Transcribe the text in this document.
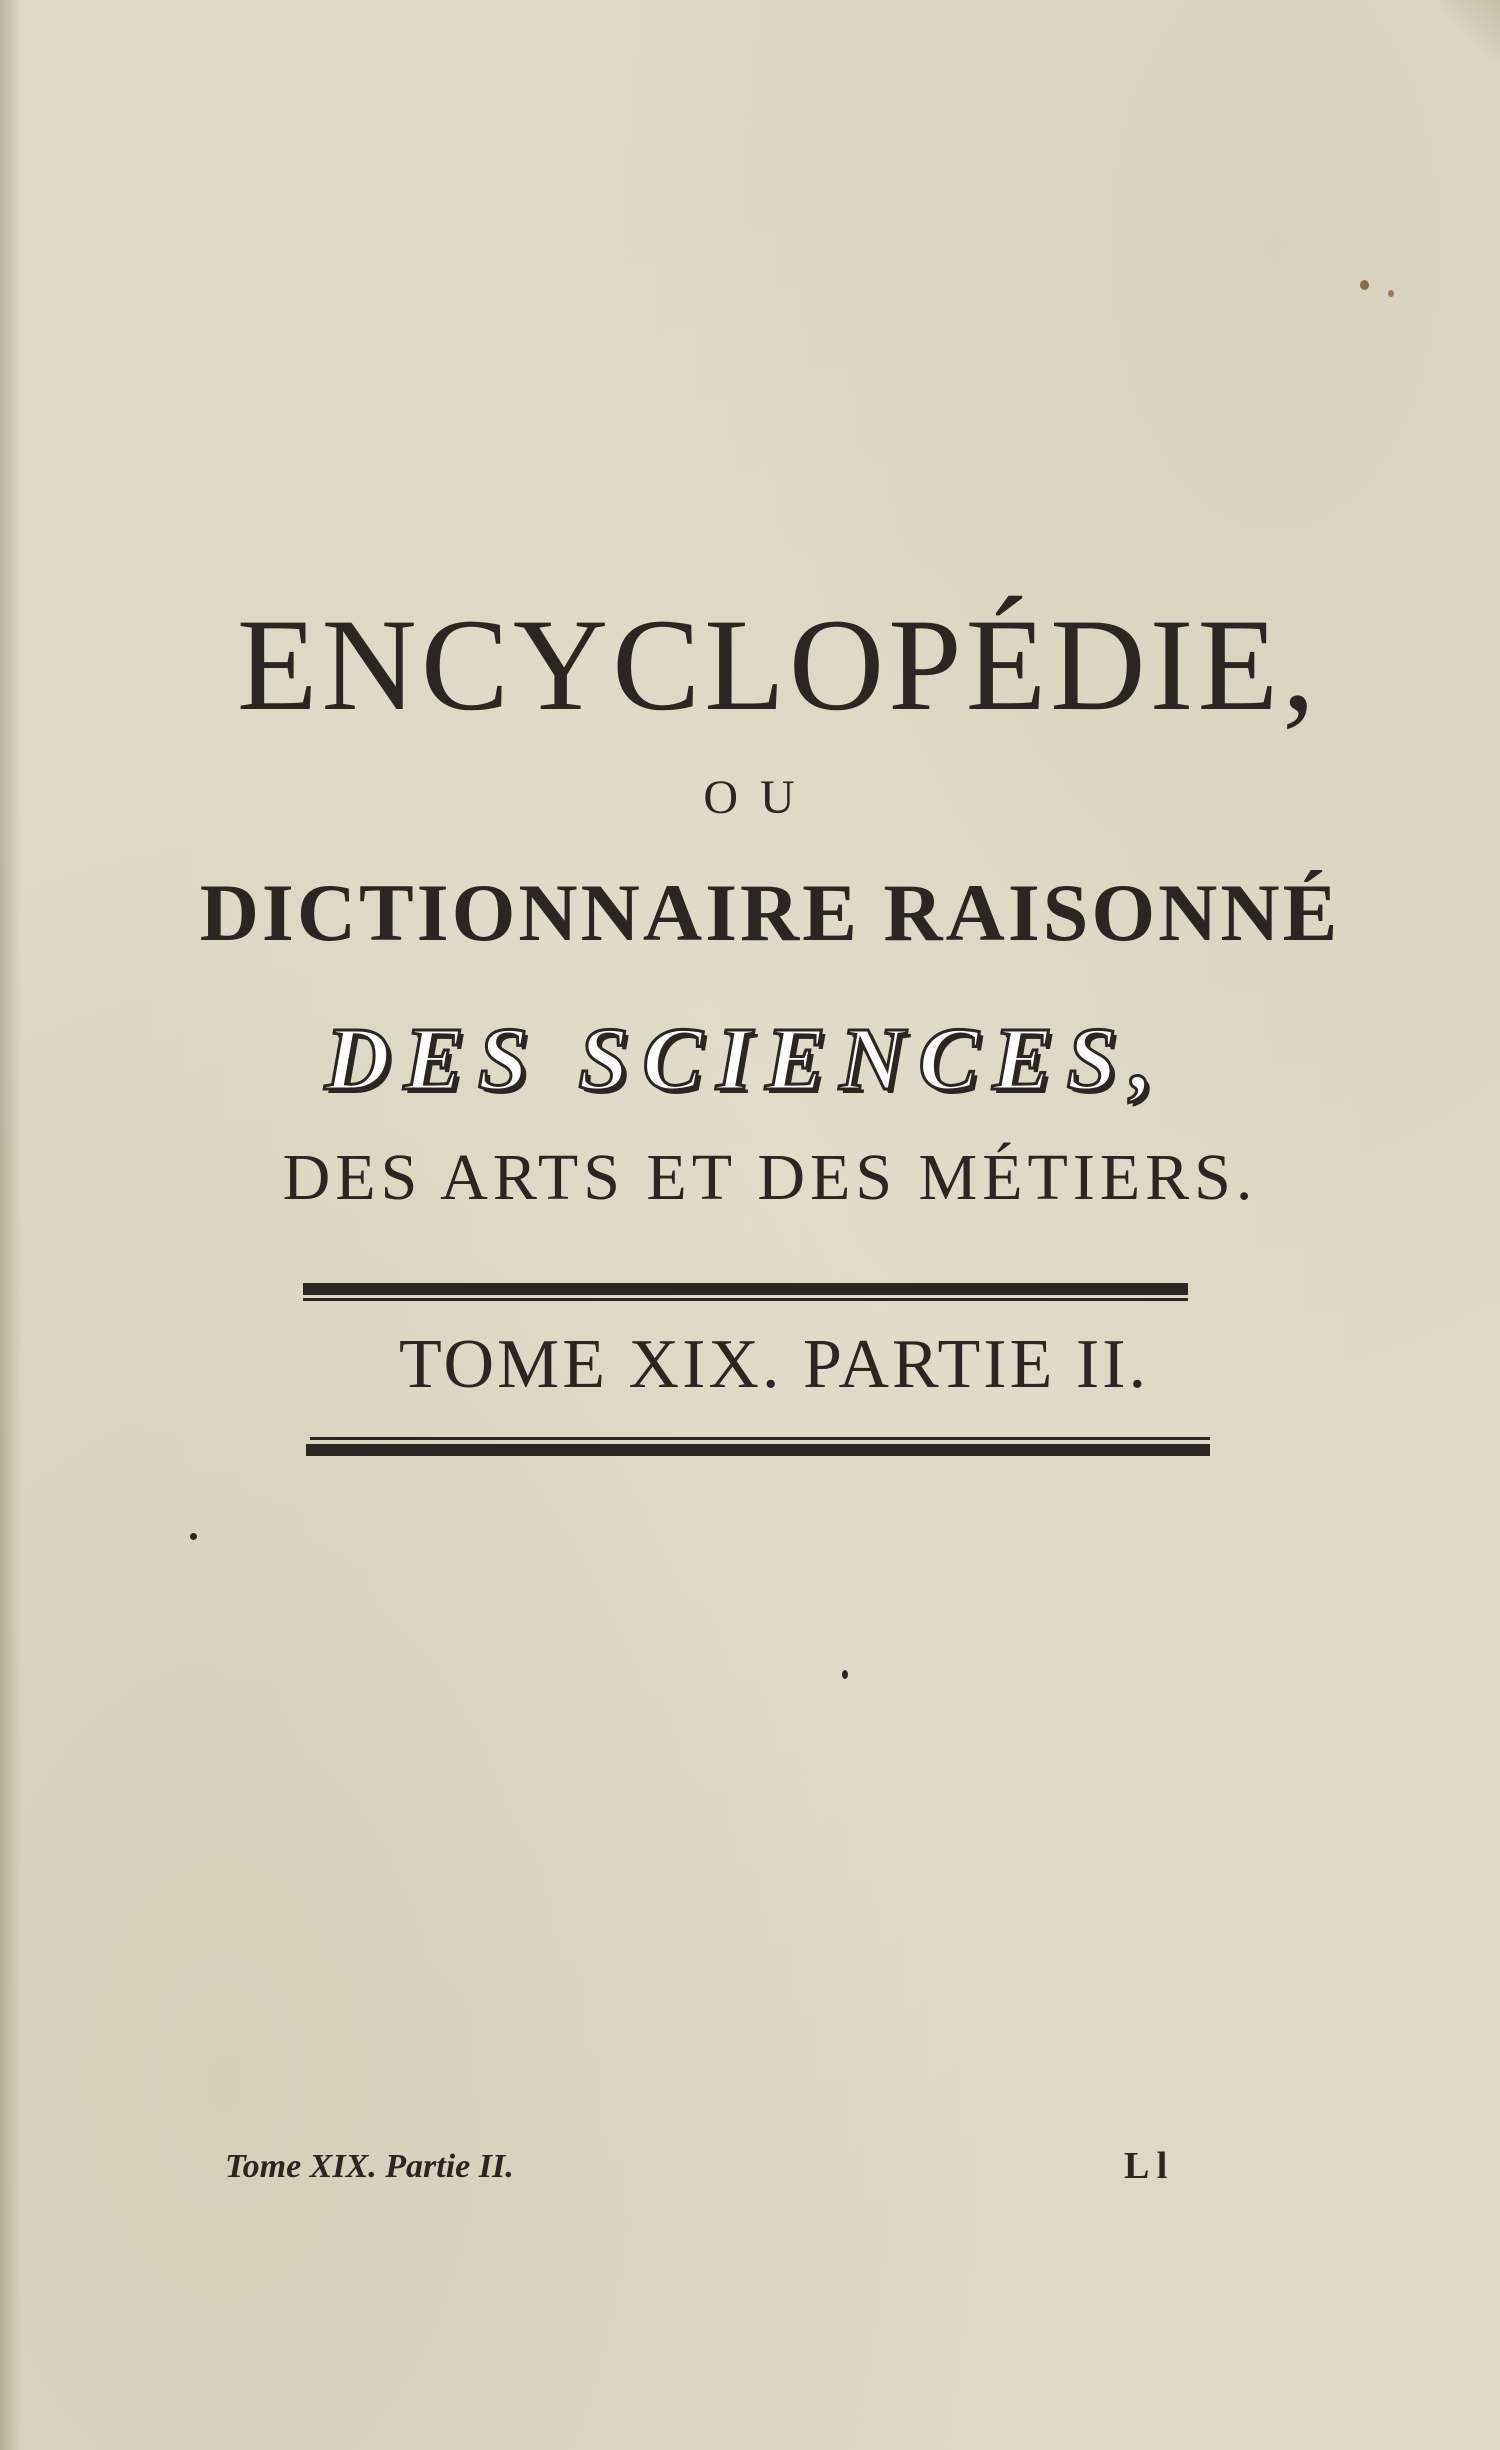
ENCYCLOPÉDIE,
OU
DICTIONNAIRE RAISONNÉ
DES SCIENCES,
DES ARTS ET DES MÉTIERS.
TOME XIX. PARTIE II.
Tome XIX. Partie II.	L l
